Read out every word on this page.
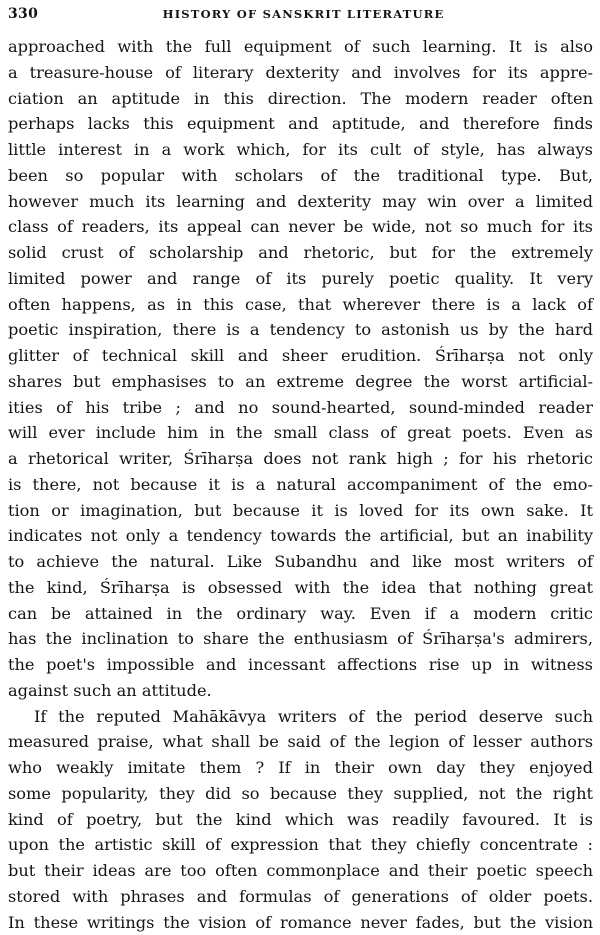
330	HISTORY OF SANSKRIT LITERATURE
approached with the full equipment of such learning. It is also
a treasure-house of literary dexterity and involves for its appre-
ciation an aptitude in this direction. The modern reader often
perhaps lacks this equipment and aptitude, and therefore finds
little interest in a work which, for its cult of style, has always
been so popular with scholars of the traditional type. But,
however much its learning and dexterity may win over a limited
class of readers, its appeal can never be wide, not so much for its
solid crust of scholarship and rhetoric, but for the extremely
limited power and range of its purely poetic quality. It very
often happens, as in this case, that wherever there is a lack of
poetic inspiration, there is a tendency to astonish us by the hard
glitter of technical skill and sheer erudition. Śrīharṣa not only
shares but emphasises to an extreme degree the worst artificial-
ities of his tribe ; and no sound-hearted, sound-minded reader
will ever include him in the small class of great poets. Even as
a rhetorical writer, Śrīharṣa does not rank high ; for his rhetoric
is there, not because it is a natural accompaniment of the emo-
tion or imagination, but because it is loved for its own sake. It
indicates not only a tendency towards the artificial, but an inability
to achieve the natural. Like Subandhu and like most writers of
the kind, Śrīharṣa is obsessed with the idea that nothing great
can be attained in the ordinary way. Even if a modern critic
has the inclination to share the enthusiasm of Śrīharṣa's admirers,
the poet's impossible and incessant affections rise up in witness
against such an attitude.
If the reputed Mahākāvya writers of the period deserve such
measured praise, what shall be said of the legion of lesser authors
who weakly imitate them ? If in their own day they enjoyed
some popularity, they did so because they supplied, not the right
kind of poetry, but the kind which was readily favoured. It is
upon the artistic skill of expression that they chiefly concentrate :
but their ideas are too often commonplace and their poetic speech
stored with phrases and formulas of generations of older poets.
In these writings the vision of romance never fades, but the vision
